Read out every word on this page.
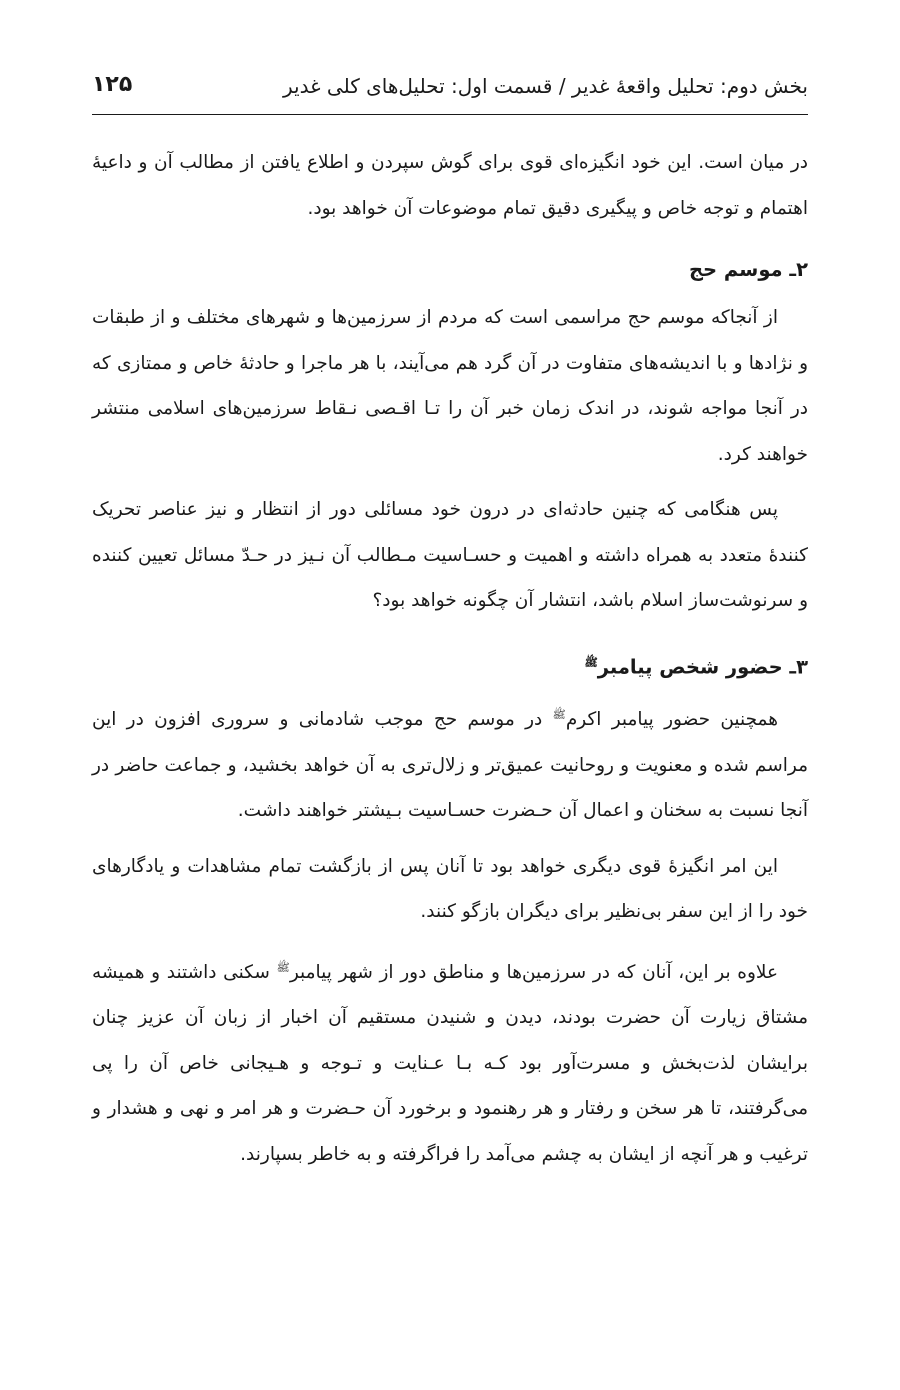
بخش دوم: تحلیل واقعهٔ غدیر / قسمت اول: تحلیل‌های کلی غدیر
۱۲۵

در میان است. این خود انگیزه‌ای قوی برای گوش سپردن و اطلاع یافتن از مطالب آن و داعیهٔ اهتمام و توجه خاص و پیگیری دقیق تمام موضوعات آن خواهد بود.

۲ـ موسم حج

از آنجاکه موسم حج مراسمی است که مردم از سرزمین‌ها و شهرهای مختلف و از طبقات و نژادها و با اندیشه‌های متفاوت در آن گرد هم می‌آیند، با هر ماجرا و حادثهٔ خاص و ممتازی که در آنجا مواجه شوند، در اندک زمان خبر آن را تـا اقـصی نـقاط سرزمین‌های اسلامی منتشر خواهند کرد.

پس هنگامی که چنین حادثه‌ای در درون خود مسائلی دور از انتظار و نیز عناصر تحریک کنندهٔ متعدد به همراه داشته و اهمیت و حسـاسیت مـطالب آن نـیز در حـدّ مسائل تعیین کننده و سرنوشت‌ساز اسلام باشد، انتشار آن چگونه خواهد بود؟

۳ـ حضور شخص پیامبر$^ﷺ$

همچنین حضور پیامبر اکرم$^ﷺ$ در موسم حج موجب شادمانی و سروری افزون در این مراسم شده و معنویت و روحانیت عمیق‌تر و زلال‌تری به آن خواهد بخشید، و جماعت حاضر در آنجا نسبت به سخنان و اعمال آن حـضرت حسـاسیت بـیشتر خواهند داشت.

این امر انگیزهٔ قوی دیگری خواهد بود تا آنان پس از بازگشت تمام مشاهدات و یادگارهای خود را از این سفر بی‌نظیر برای دیگران بازگو کنند.

علاوه بر این، آنان که در سرزمین‌ها و مناطق دور از شهر پیامبر$^ﷺ$ سکنی داشتند و همیشه مشتاق زیارت آن حضرت بودند، دیدن و شنیدن مستقیم آن اخبار از زبان آن عزیز چنان برایشان لذت‌بخش و مسرت‌آور بود کـه بـا عـنایت و تـوجه و هـیجانی خاص آن را پی می‌گرفتند، تا هر سخن و رفتار و هر رهنمود و برخورد آن حـضرت و هر امر و نهی و هشدار و ترغیب و هر آنچه از ایشان به چشم می‌آمد را فراگرفته و به خاطر بسپارند.
